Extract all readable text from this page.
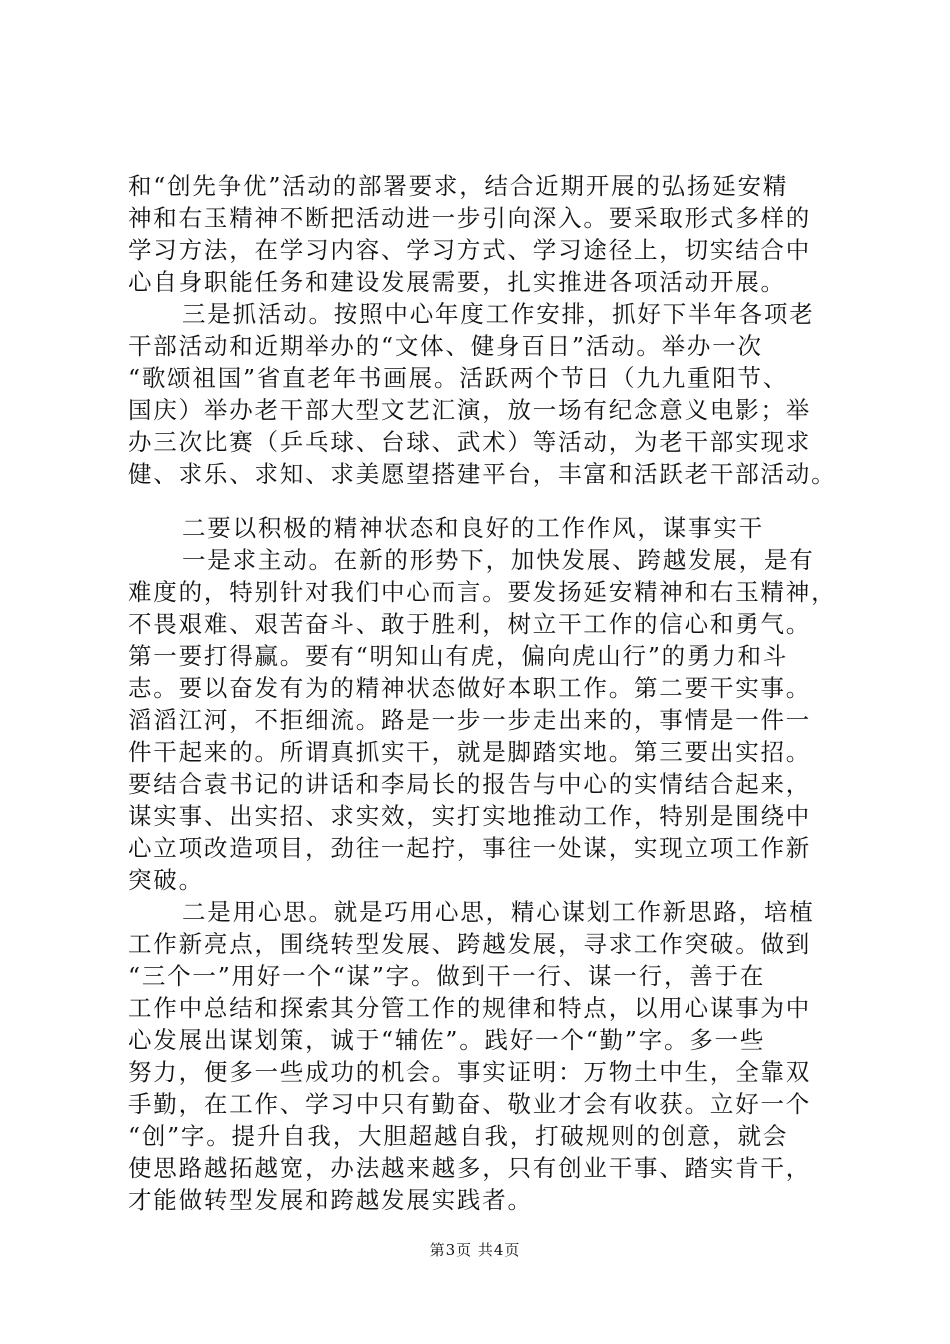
和“创先争优”活动的部署要求，结合近期开展的弘扬延安精
神和右玉精神不断把活动进一步引向深入。要采取形式多样的
学习方法，在学习内容、学习方式、学习途径上，切实结合中
心自身职能任务和建设发展需要，扎实推进各项活动开展。
三是抓活动。按照中心年度工作安排，抓好下半年各项老
干部活动和近期举办的“文体、健身百日”活动。举办一次
“歌颂祖国”省直老年书画展。活跃两个节日（九九重阳节、
国庆）举办老干部大型文艺汇演，放一场有纪念意义电影；举
办三次比赛（乒乓球、台球、武术）等活动，为老干部实现求
健、求乐、求知、求美愿望搭建平台，丰富和活跃老干部活动。
二要以积极的精神状态和良好的工作作风，谋事实干
一是求主动。在新的形势下，加快发展、跨越发展，是有
难度的，特别针对我们中心而言。要发扬延安精神和右玉精神，
不畏艰难、艰苦奋斗、敢于胜利，树立干工作的信心和勇气。
第一要打得赢。要有“明知山有虎，偏向虎山行”的勇力和斗
志。要以奋发有为的精神状态做好本职工作。第二要干实事。
滔滔江河，不拒细流。路是一步一步走出来的，事情是一件一
件干起来的。所谓真抓实干，就是脚踏实地。第三要出实招。
要结合袁书记的讲话和李局长的报告与中心的实情结合起来，
谋实事、出实招、求实效，实打实地推动工作，特别是围绕中
心立项改造项目，劲往一起拧，事往一处谋，实现立项工作新
突破。
二是用心思。就是巧用心思，精心谋划工作新思路，培植
工作新亮点，围绕转型发展、跨越发展，寻求工作突破。做到
“三个一”用好一个“谋”字。做到干一行、谋一行，善于在
工作中总结和探索其分管工作的规律和特点，以用心谋事为中
心发展出谋划策，诚于“辅佐”。践好一个“勤”字。多一些
努力，便多一些成功的机会。事实证明：万物土中生，全靠双
手勤，在工作、学习中只有勤奋、敬业才会有收获。立好一个
“创”字。提升自我，大胆超越自我，打破规则的创意，就会
使思路越拓越宽，办法越来越多，只有创业干事、踏实肯干，
才能做转型发展和跨越发展实践者。
第3页 共4页
